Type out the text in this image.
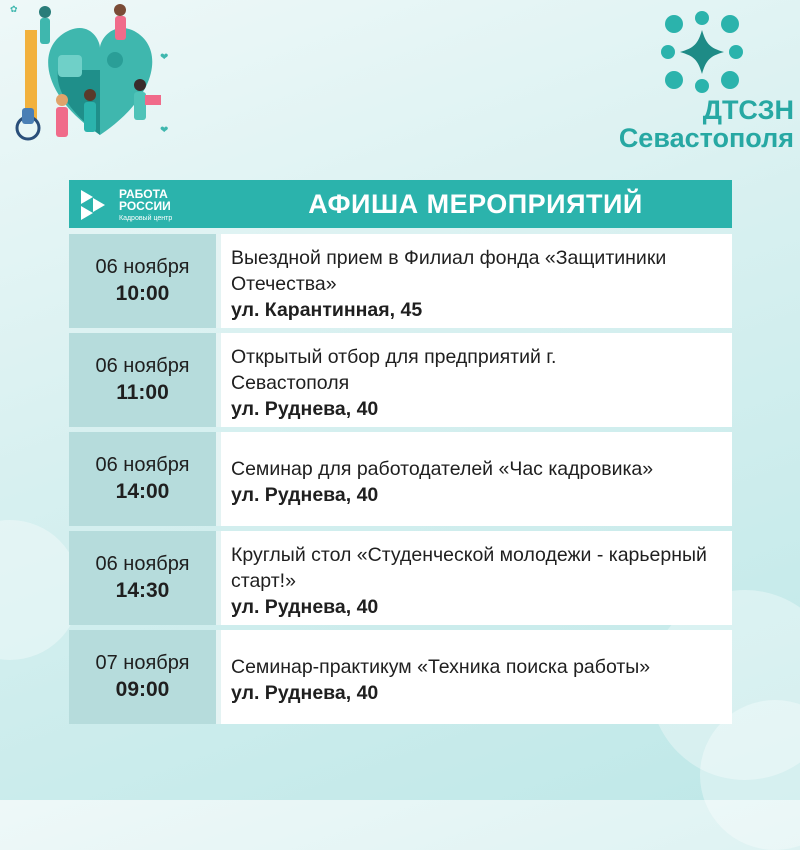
❤
✿
❤
ДТСЗН
Севастополя
РАБОТА
РОССИИ
Кадровый центр	АФИША МЕРОПРИЯТИЙ
06 ноября
10:00
Выездной прием в Филиал фонда «Защитиники Отечества»
ул. Карантинная, 45
06 ноября
11:00
Открытый отбор для предприятий г. Севастополя
ул. Руднева, 40
06 ноября
14:00
Семинар для работодателей «Час кадровика»
ул. Руднева, 40
06 ноября
14:30
Круглый стол «Студенческой молодежи - карьерный старт!»
ул. Руднева, 40
07 ноября
09:00
Семинар-практикум «Техника поиска работы»
ул. Руднева, 40
